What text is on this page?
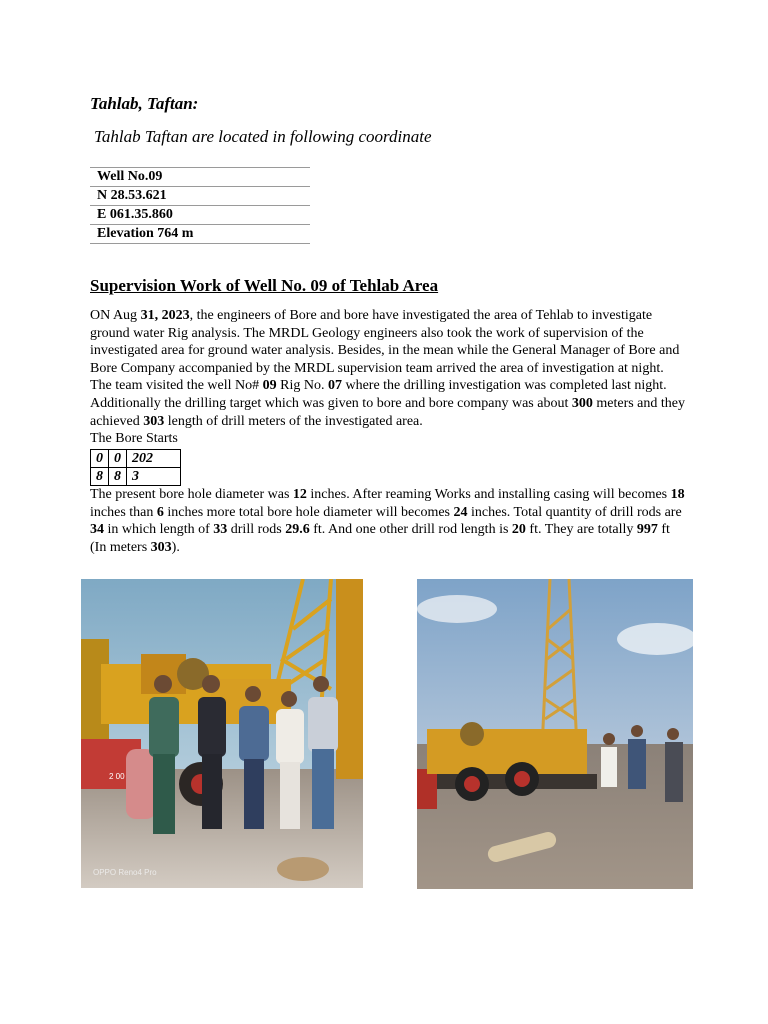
Tahlab, Taftan:
Tahlab Taftan are located in following coordinate
Well No.09
N 28.53.621
E 061.35.860
Elevation 764 m
Supervision Work of Well No. 09 of Tehlab Area
ON Aug 31, 2023, the engineers of Bore and bore have investigated the area of Tehlab to investigate ground water Rig analysis. The MRDL Geology engineers also took the work of supervision of the investigated area for ground water analysis. Besides, in the mean while the General Manager of Bore and Bore Company accompanied by the MRDL supervision team arrived the area of investigation at night. The team visited the well No# 09 Rig No. 07 where the drilling investigation was completed last night. Additionally the drilling target which was given to bore and bore company was about 300 meters and they achieved 303 length of drill meters of the investigated area.
The Bore Starts
0	0	202
8	8	3
The present bore hole diameter was 12 inches. After reaming Works and installing casing will becomes 18 inches than 6 inches more total bore hole diameter will becomes 24 inches. Total quantity of drill rods are 34 in which length of 33 drill rods 29.6 ft. And one other drill rod length is 20 ft. They are totally 997 ft (In meters 303).
2 00
OPPO Reno4 Pro
